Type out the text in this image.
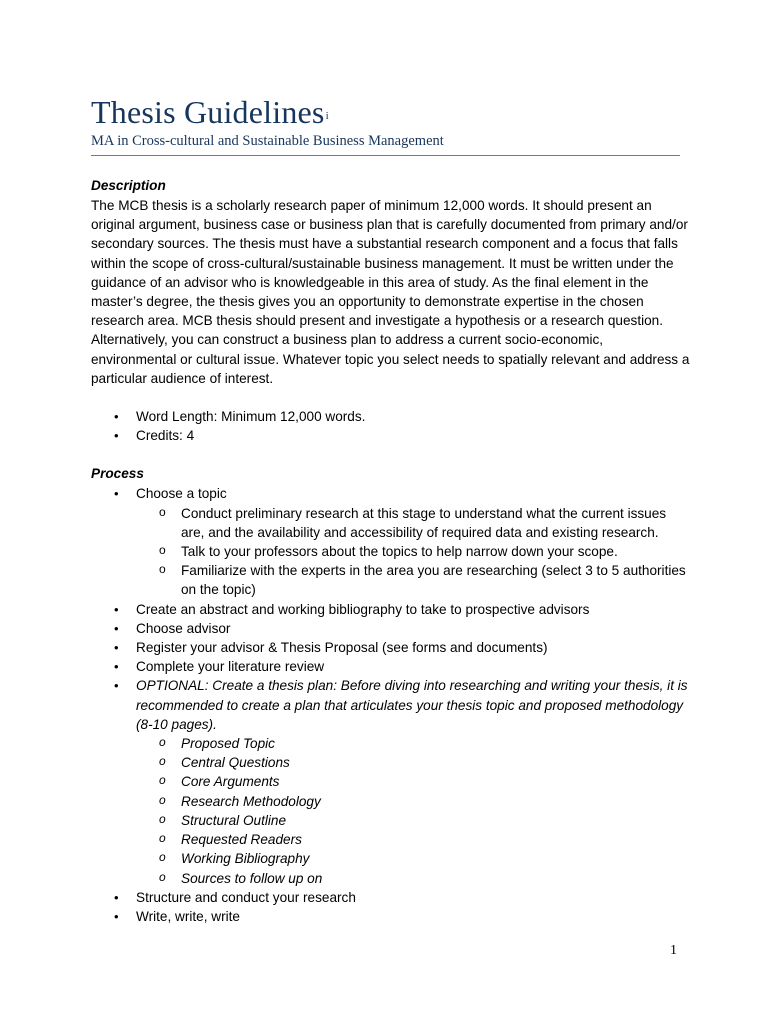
Thesis Guidelines$^i$
MA in Cross-cultural and Sustainable Business Management
Description

The MCB thesis is a scholarly research paper of minimum 12,000 words. It should present an original argument, business case or business plan that is carefully documented from primary and/or secondary sources. The thesis must have a substantial research component and a focus that falls within the scope of cross-cultural/sustainable business management. It must be written under the guidance of an advisor who is knowledgeable in this area of study. As the final element in the master’s degree, the thesis gives you an opportunity to demonstrate expertise in the chosen research area. MCB thesis should present and investigate a hypothesis or a research question. Alternatively, you can construct a business plan to address a current socio-economic, environmental or cultural issue. Whatever topic you select needs to spatially relevant and address a particular audience of interest.

• Word Length: Minimum 12,000 words.
• Credits: 4
Process
• Choose a topic
o Conduct preliminary research at this stage to understand what the current issues are, and the availability and accessibility of required data and existing research.
o Talk to your professors about the topics to help narrow down your scope.
o Familiarize with the experts in the area you are researching (select 3 to 5 authorities on the topic)
• Create an abstract and working bibliography to take to prospective advisors
• Choose advisor
• Register your advisor & Thesis Proposal (see forms and documents)
• Complete your literature review
• OPTIONAL: Create a thesis plan: Before diving into researching and writing your thesis, it is recommended to create a plan that articulates your thesis topic and proposed methodology (8-10 pages).
o Proposed Topic
o Central Questions
o Core Arguments
o Research Methodology
o Structural Outline
o Requested Readers
o Working Bibliography
o Sources to follow up on
• Structure and conduct your research
• Write, write, write
1
